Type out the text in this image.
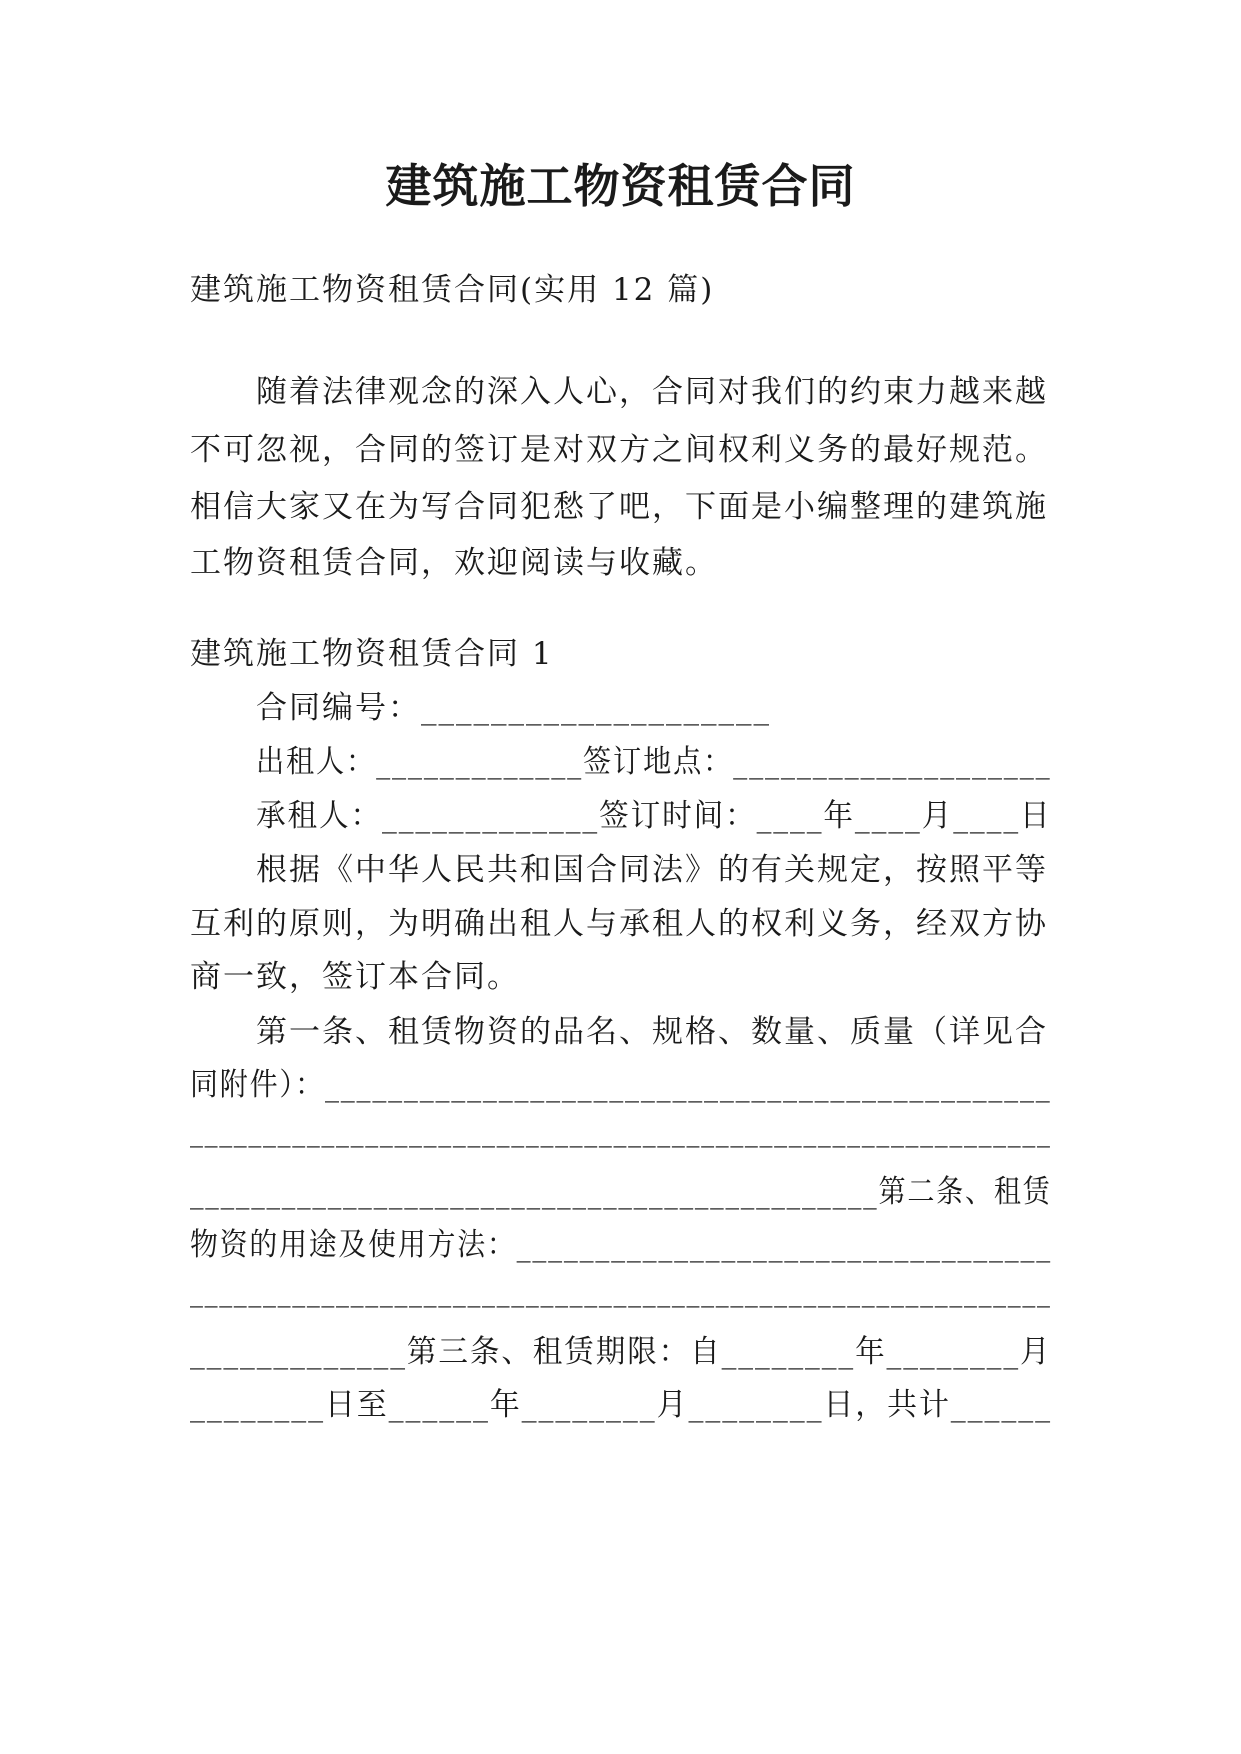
建筑施工物资租赁合同
建筑施工物资租赁合同(实用 12 篇)
随着法律观念的深入人心，合同对我们的约束力越来越
不可忽视，合同的签订是对双方之间权利义务的最好规范。
相信大家又在为写合同犯愁了吧，下面是小编整理的建筑施
工物资租赁合同，欢迎阅读与收藏。
建筑施工物资租赁合同 1
合同编号：____________________
出租人：_____________签订地点：____________________
承租人：_____________签订时间：____年____月____日
根据《中华人民共和国合同法》的有关规定，按照平等
互利的原则，为明确出租人与承租人的权利义务，经双方协
商一致，签订本合同。
第一条、租赁物资的品名、规格、数量、质量（详见合
同附件）：______________________________________________
___________________________________________________________
_____________________________________________第二条、租赁
物资的用途及使用方法：__________________________________
___________________________________________________________
_____________第三条、租赁期限：自________年________月
________日至______年________月________日，共计______
